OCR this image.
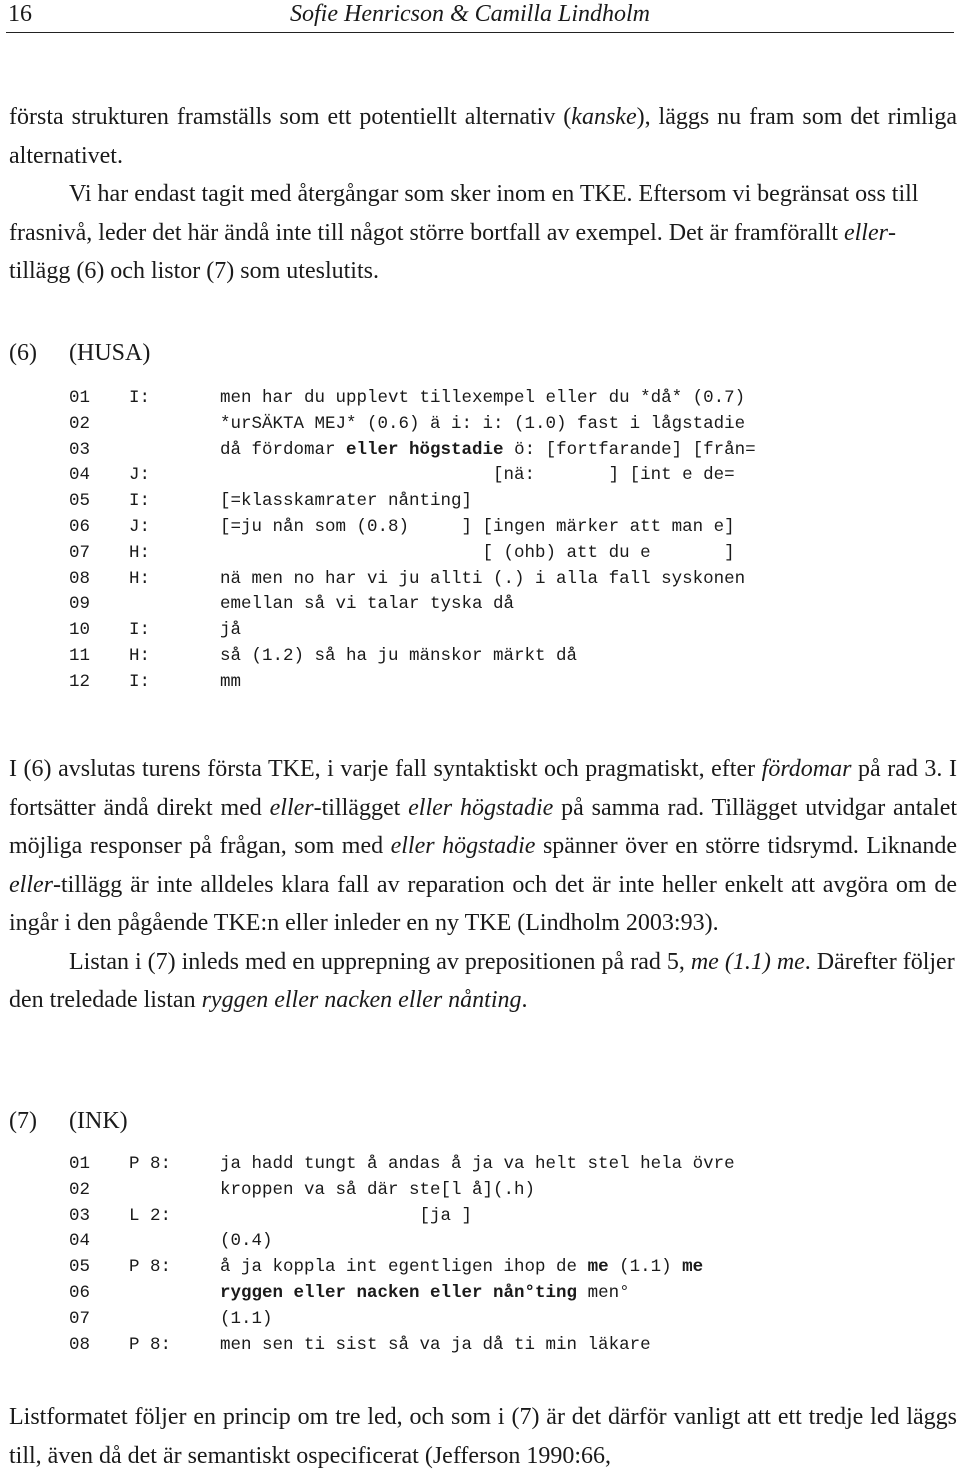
16	Sofie Henricson & Camilla Lindholm

första strukturen framställs som ett potentiellt alternativ (kanske), läggs nu fram som det rimliga alternativet.

Vi har endast tagit med återgångar som sker inom en TKE. Eftersom vi begränsat oss till frasnivå, leder det här ändå inte till något större bortfall av exempel. Det är framförallt eller-tillägg (6) och listor (7) som uteslutits.

(6) (HUSA)
01 I:	men har du upplevt tillexempel eller du *då* (0.7)
02	*urSÄKTA MEJ* (0.6) ä i: i: (1.0) fast i lågstadie
03	då fördomar eller högstadie ö: [fortfarande] [från=
04 J:	[nä:       ] [int e de=
05 I:	[=klasskamrater nånting]
06 J:	[=ju nån som (0.8)     ] [ingen märker att man e]
07 H:	[ (ohb) att du e       ]
08 H:	nä men no har vi ju allti (.) i alla fall syskonen
09	emellan så vi talar tyska då
10 I:	jå
11 H:	så (1.2) så ha ju mänskor märkt då
12 I:	mm

I (6) avslutas turens första TKE, i varje fall syntaktiskt och pragmatiskt, efter fördomar på rad 3. I fortsätter ändå direkt med eller-tillägget eller högstadie på samma rad. Tillägget utvidgar antalet möjliga responser på frågan, som med eller högstadie spänner över en större tidsrymd. Liknande eller-tillägg är inte alldeles klara fall av reparation och det är inte heller enkelt att avgöra om de ingår i den pågående TKE:n eller inleder en ny TKE (Lindholm 2003:93).

Listan i (7) inleds med en upprepning av prepositionen på rad 5, me (1.1) me. Därefter följer den treledade listan ryggen eller nacken eller nånting.

(7) (INK)
01 P 8:	ja hadd tungt å andas å ja va helt stel hela övre
02	kroppen va så där ste[l å](.h)
03 L 2:	[ja ]
04	(0.4)
05 P 8:	å ja koppla int egentligen ihop de me (1.1) me
06	ryggen eller nacken eller nån°ting men°
07	(1.1)
08 P 8:	men sen ti sist så va ja då ti min läkare

Listformatet följer en princip om tre led, och som i (7) är det därför vanligt att ett tredje led läggs till, även då det är semantiskt ospecificerat (Jefferson 1990:66,
